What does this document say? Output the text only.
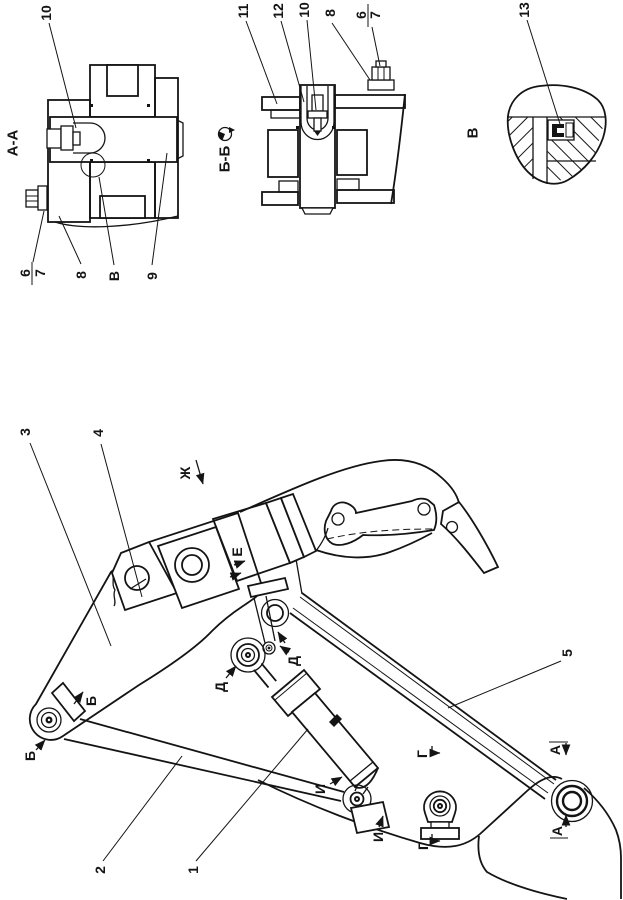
А-А
10
6 7 8 В 9
Б-Б
11 12 10 8 6
7
В
13
Ж
Е
Д
Д
Б
Б	Г
Г
И
И
А
А
3	4
2	1
5
